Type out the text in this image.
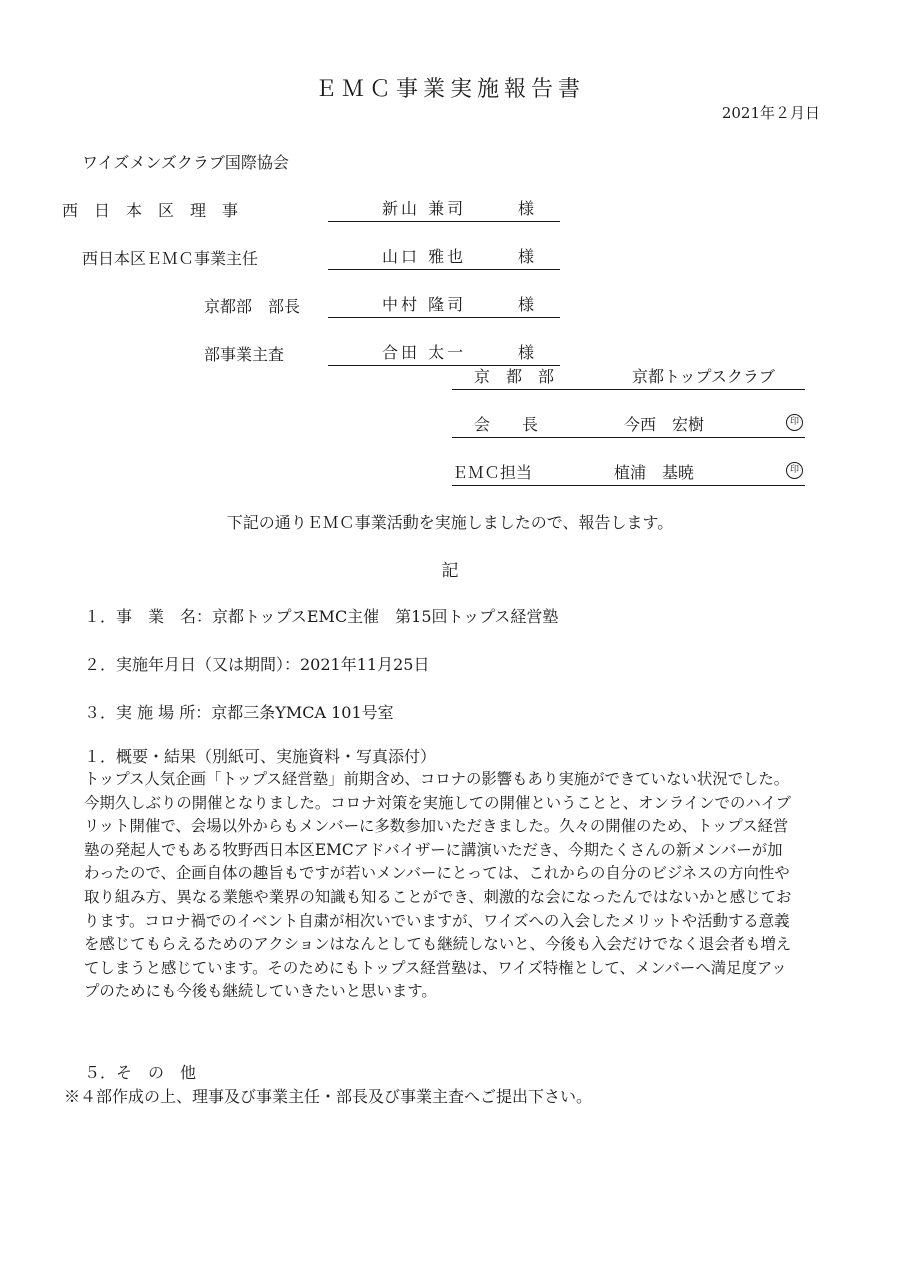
ＥＭＣ事業実施報告書
2021年２月日
ワイズメンズクラブ国際協会
西　日　本　区　理　事	新山 兼司	様
西日本区ＥＭＣ事業主任	山口 雅也	様
京都部　部長	中村 隆司	様
部事業主査	合田 太一	様
京　都　部	京都トップスクラブ
会　　長	今西　宏樹	印
ＥＭＣ担当	植浦　基暁	印
下記の通りＥＭＣ事業活動を実施しましたので、報告します。
記
１．事　業　名：京都トップスEMC主催　第15回トップス経営塾
２．実施年月日（又は期間）：2021年11月25日
３．実 施 場 所：京都三条YMCA 101号室
１．概要・結果（別紙可、実施資料・写真添付）

トップス人気企画「トップス経営塾」前期含め、コロナの影響もあり実施ができていない状況でした。

今期久しぶりの開催となりました。コロナ対策を実施しての開催ということと、オンラインでのハイブ

リット開催で、会場以外からもメンバーに多数参加いただきました。久々の開催のため、トップス経営

塾の発起人でもある牧野西日本区EMCアドバイザーに講演いただき、今期たくさんの新メンバーが加

わったので、企画自体の趣旨もですが若いメンバーにとっては、これからの自分のビジネスの方向性や

取り組み方、異なる業態や業界の知識も知ることができ、刺激的な会になったんではないかと感じてお

ります。コロナ禍でのイベント自粛が相次いでいますが、ワイズへの入会したメリットや活動する意義

を感じてもらえるためのアクションはなんとしても継続しないと、今後も入会だけでなく退会者も増え

てしまうと感じています。そのためにもトップス経営塾は、ワイズ特権として、メンバーへ満足度アッ

プのためにも今後も継続していきたいと思います。

５．そ　の　他
※４部作成の上、理事及び事業主任・部長及び事業主査へご提出下さい。
